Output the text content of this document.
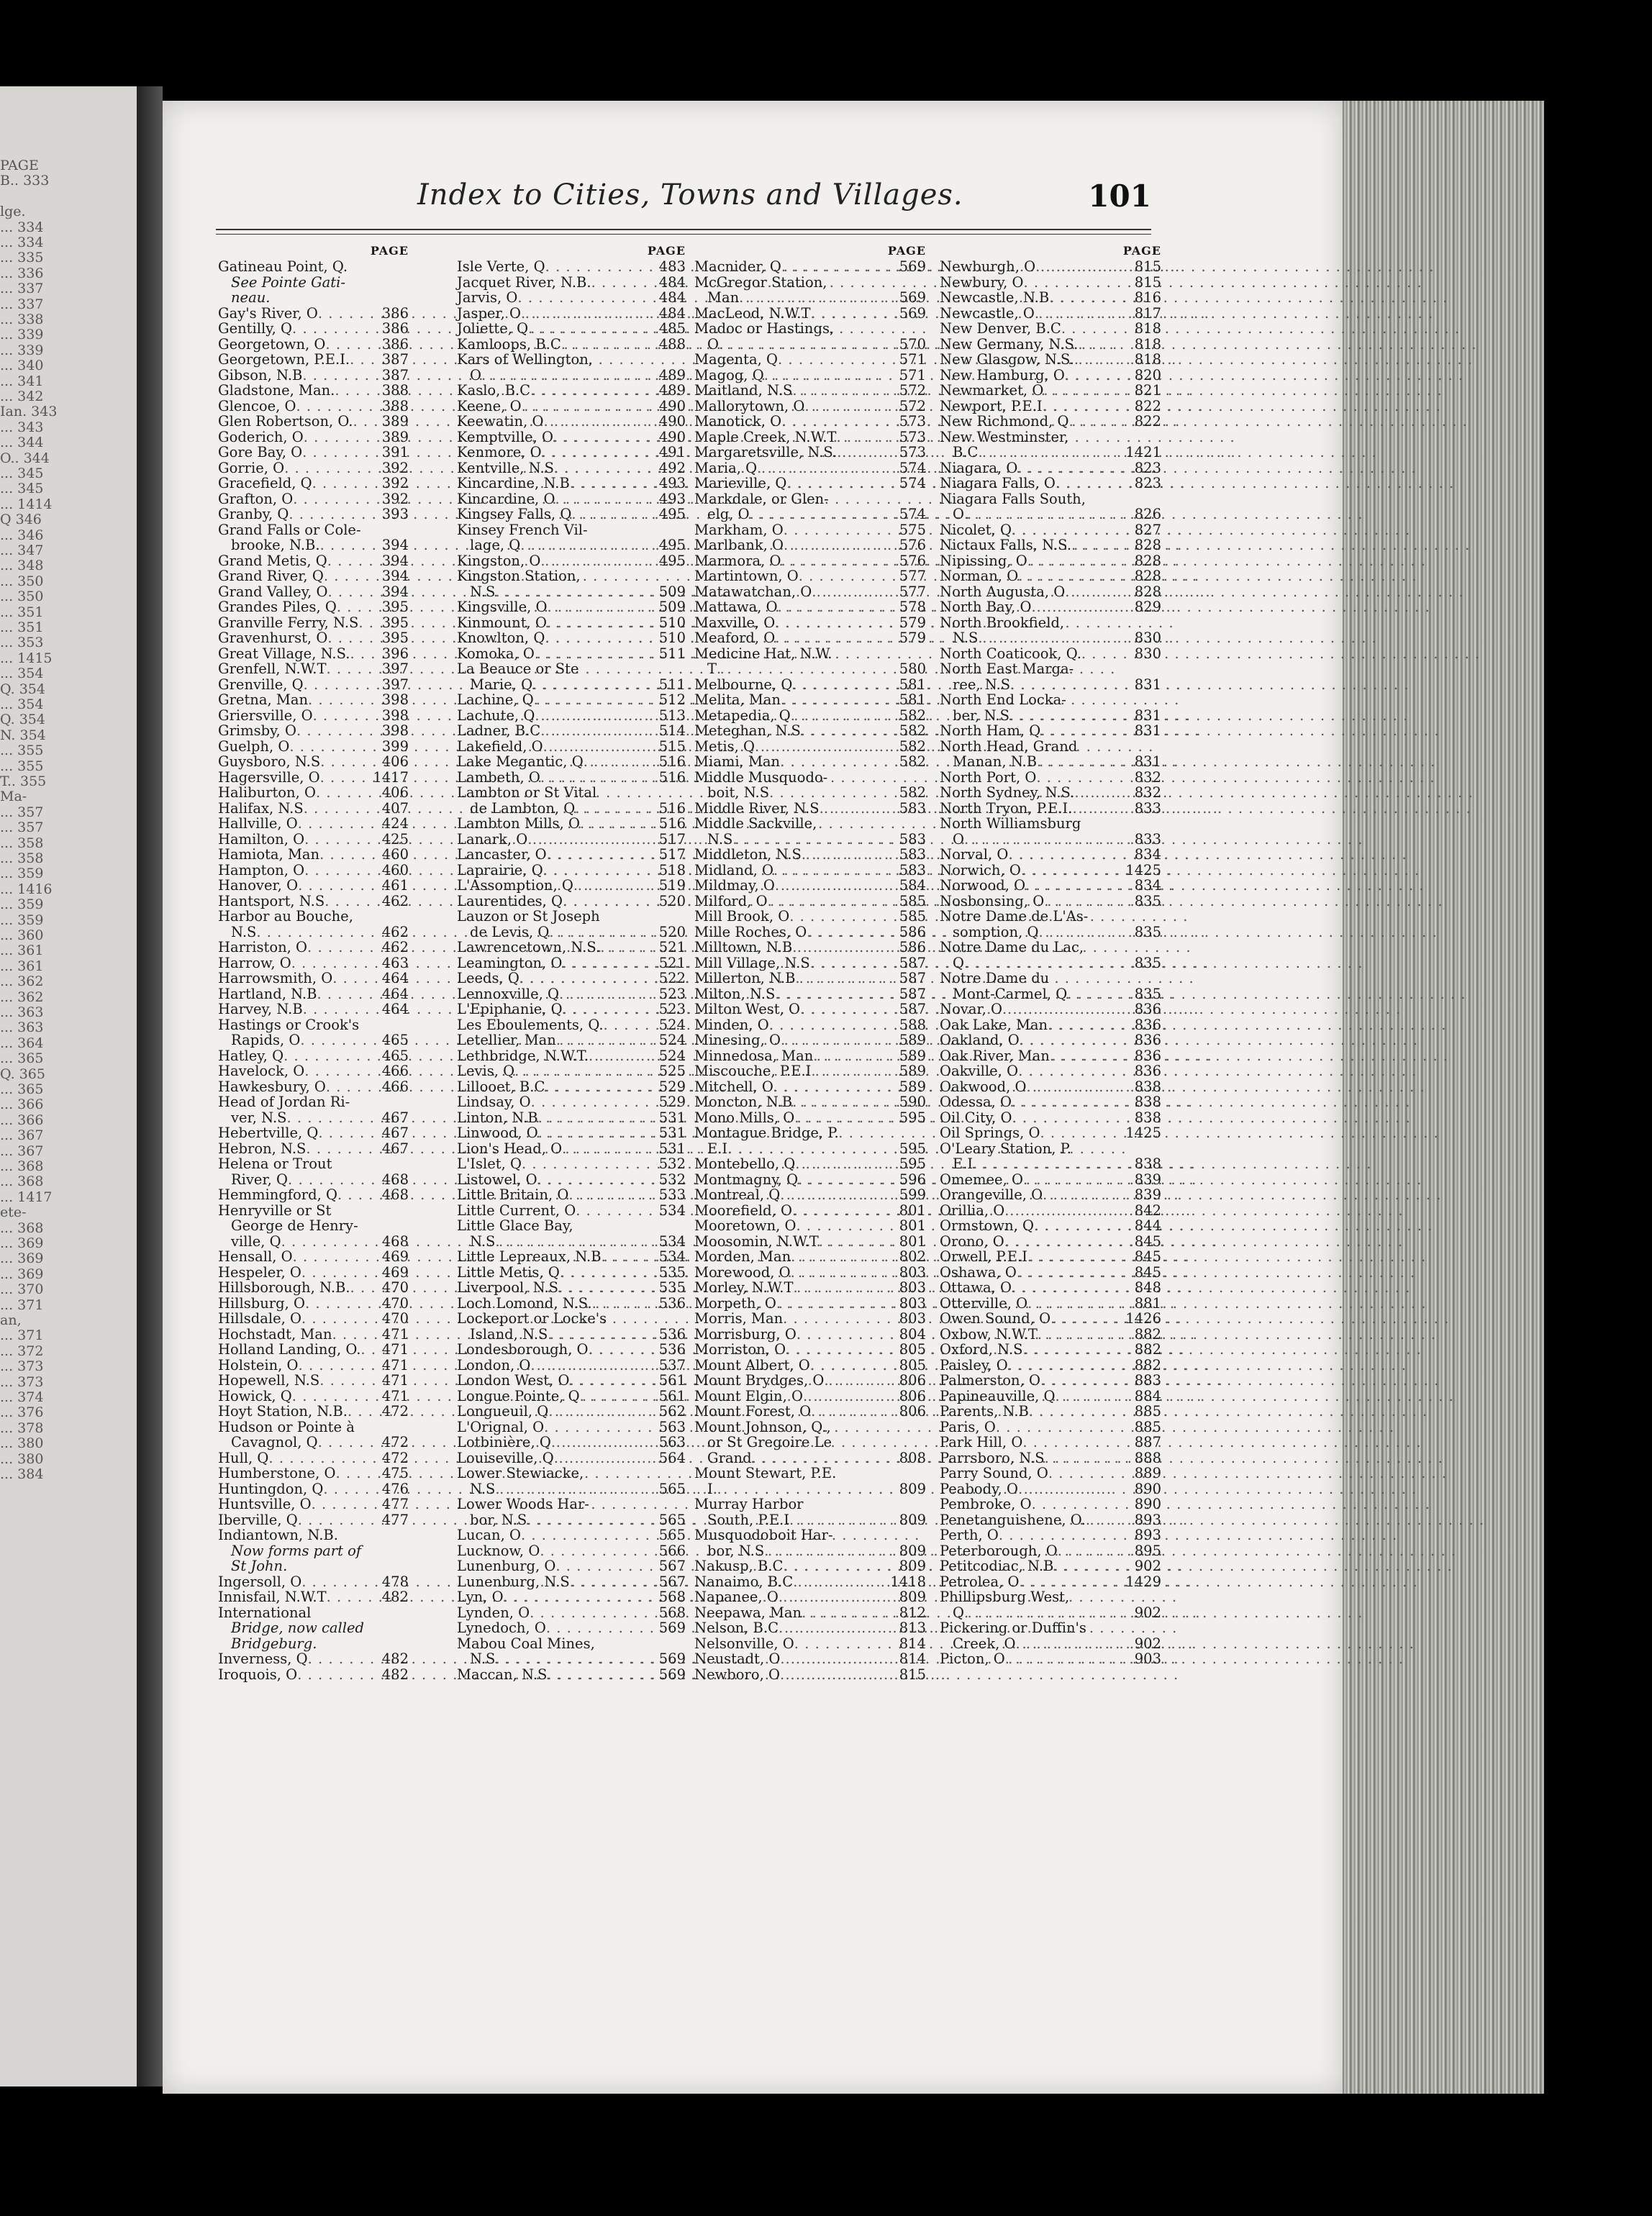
PAGE
B.. 333
lge.
... 334
... 334
... 335
... 336
... 337
... 337
... 338
... 339
... 339
... 340
... 341
... 342
Ian. 343
... 343
... 344
O.. 344
... 345
... 345
... 1414
Q 346
... 346
... 347
... 348
... 350
... 350
... 351
... 351
... 353
... 1415
... 354
Q. 354
... 354
Q. 354
N. 354
... 355
... 355
T.. 355
Ma-
... 357
... 357
... 358
... 358
... 359
... 1416
... 359
... 359
... 360
... 361
... 361
... 362
... 362
... 363
... 363
... 364
... 365
Q. 365
... 365
... 366
... 366
... 367
... 367
... 368
... 368
... 1417
ete-
... 368
... 369
... 369
... 369
... 370
... 371
an,
... 371
... 372
... 373
... 373
... 374
... 376
... 378
... 380
... 380
... 384
Index to Cities, Towns and Villages.	101
PAGE
Gatineau Point, Q.
See Pointe Gati-
neau.
Gay's River, O . . .	386
Gentilly, Q . . .	386
Georgetown, O . . .	386
Georgetown, P.E.I. . . . 387
Gibson, N.B . . .	387
Gladstone, Man. . . .	388
Glencoe, O . . .	388
Glen Robertson, O. . . . 389
Goderich, O . . .	389
Gore Bay, O . . .	391
Gorrie, O . . .	392
Gracefield, Q . . .	392
Grafton, O . . .	392
Granby, Q . . .	393
Grand Falls or Cole-
brooke, N.B. . . .	394
Grand Metis, Q . . .	394
Grand River, Q . . .	394
Grand Valley, O . . .	394
Grandes Piles, Q . . .	395
Granville Ferry, N.S . . . 395
Gravenhurst, O . . .	395
Great Village, N.S. . . . 396
Grenfell, N.W.T . . .	397
Grenville, Q . . .	397
Gretna, Man . . .	398
Griersville, O . . .	398
Grimsby, O . . .	398
Guelph, O . . .	399
Guysboro, N.S . . .	406
Hagersville, O . . .	1417
Haliburton, O . . .	406
Halifax, N.S . . .	407
Hallville, O . . .	424
Hamilton, O . . .	425
Hamiota, Man . . .	460
Hampton, O . . .	460
Hanover, O . . .	461
Hantsport, N.S . . .	462
Harbor au Bouche,
N.S . . .	462
Harriston, O . . .	462
Harrow, O . . .	463
Harrowsmith, O . . .	464
Hartland, N.B . . .	464
Harvey, N.B . . .	464
Hastings or Crook's
Rapids, O . . .	465
Hatley, Q . . .	465
Havelock, O . . .	466
Hawkesbury, O . . .	466
Head of Jordan Ri-
ver, N.S . . .	467
Hebertville, Q . . .	467
Hebron, N.S . . .	467
Helena or Trout
River, Q . . .	468
Hemmingford, Q . . .	468
Henryville or St
George de Henry-
ville, Q . . .	468
Hensall, O . . .	469
Hespeler, O . . .	469
Hillsborough, N.B. . . . 470
Hillsburg, O . . .	470
Hillsdale, O . . .	470
Hochstadt, Man . . .	471
Holland Landing, O. . . . 471
Holstein, O . . .	471
Hopewell, N.S . . .	471
Howick, Q . . .	471
Hoyt Station, N.B. . . . 472
Hudson or Pointe à
Cavagnol, Q . . .	472
Hull, Q . . .	472
Humberstone, O . . .	475
Huntingdon, Q . . .	476
Huntsville, O . . .	477
Iberville, Q . . .	477
Indiantown, N.B.
Now forms part of
St John.
Ingersoll, O . . .	478
Innisfail, N.W.T . . .	482
International
Bridge, now called
Bridgeburg.
Inverness, Q . . .	482
Iroquois, O . . .	482
PAGE
Isle Verte, Q . . .	483
Jacquet River, N.B. . . .	484
Jarvis, O . . .	484
Jasper, O . . .	484
Joliette, Q . . .	485
Kamloops, B.C . . .	488
Kars of Wellington,
O . . .	489
Kaslo, B.C . . .	489
Keene, O . . .	490
Keewatin, O . . .	490
Kemptville, O . . .	490
Kenmore, O . . .	491
Kentville, N.S . . .	492
Kincardine, N.B . . .	493
Kincardine, O . . .	493
Kingsey Falls, Q . . .	495
Kinsey French Vil-
lage, Q . . .	495
Kingston, O . . .	495
Kingston Station,
N.S . . .	509
Kingsville, O . . .	509
Kinmount, O . . .	510
Knowlton, Q . . .	510
Komoka, O . . .	511
La Beauce or Ste
Marie, Q . . .	511
Lachine, Q . . .	512
Lachute, Q . . .	513
Ladner, B.C . . .	514
Lakefield, O . . .	515
Lake Megantic, Q . . .	516
Lambeth, O . . .	516
Lambton or St Vital
de Lambton, Q . . .	516
Lambton Mills, O . . .	516
Lanark, O . . .	517
Lancaster, O . . .	517
Laprairie, Q . . .	518
L'Assomption, Q . . .	519
Laurentides, Q . . .	520
Lauzon or St Joseph
de Levis, Q . . .	520
Lawrencetown, N.S. . . .	521
Leamington, O . . .	521
Leeds, Q . . .	522
Lennoxville, Q . . .	523
L'Epiphanie, Q . . .	523
Les Eboulements, Q. . . .	524
Letellier, Man . . .	524
Lethbridge, N.W.T. . . .	524
Levis, Q . . .	525
Lillooet, B.C . . .	529
Lindsay, O . . .	529
Linton, N.B . . .	531
Linwood, O . . .	531
Lion's Head, O . . .	531
L'Islet, Q . . .	532
Listowel, O . . .	532
Little Britain, O . . .	533
Little Current, O . . .	534
Little Glace Bay,
N.S . . .	534
Little Lepreaux, N.B . . .	534
Little Metis, Q . . .	535
Liverpool, N.S . . .	535
Loch Lomond, N.S. . . .	536
Lockeport or Locke's
Island, N.S . . .	536
Londesborough, O . . .	536
London, O . . .	537
London West, O . . .	561
Longue Pointe, Q . . .	561
Longueuil, Q . . .	562
L'Orignal, O . . .	563
Lotbinière, Q . . .	563
Louiseville, Q . . .	564
Lower Stewiacke,
N.S . . .	565
Lower Woods Har-
bor, N.S . . .	565
Lucan, O . . .	565
Lucknow, O . . .	566
Lunenburg, O . . .	567
Lunenburg, N.S . . .	567
Lyn, O . . .	568
Lynden, O . . .	568
Lynedoch, O . . .	569
Mabou Coal Mines,
N.S . . .	569
Maccan, N.S . . .	569
PAGE
Macnider, Q . . .	569
McGregor Station,
Man . . .	569
MacLeod, N.W.T . . .	569
Madoc or Hastings,
O . . .	570
Magenta, Q . . .	571
Magog, Q . . .	571
Maitland, N.S . . .	572
Mallorytown, O . . .	572
Manotick, O . . .	573
Maple Creek, N.W.T . . .	573
Margaretsville, N.S. . . .	573
Maria, Q . . .	574
Marieville, Q . . .	574
Markdale, or Glen-
elg, O . . .	574
Markham, O . . .	575
Marlbank, O . . .	576
Marmora, O . . .	576
Martintown, O . . .	577
Matawatchan, O . . .	577
Mattawa, O . . .	578
Maxville, O . . .	579
Meaford, O . . .	579
Medicine Hat, N.W.
T . . .	580
Melbourne, Q . . .	581
Melita, Man . . .	581
Metapedia, Q . . .	582
Meteghan, N.S . . .	582
Metis, Q . . .	582
Miami, Man . . .	582
Middle Musquodo-
boit, N.S . . .	582
Middle River, N.S . . .	583
Middle Sackville,
N.S . . .	583
Middleton, N.S . . .	583
Midland, O . . .	583
Mildmay, O . . .	584
Milford, O . . .	585
Mill Brook, O . . .	585
Mille Roches, O . . .	586
Milltown, N.B . . .	586
Mill Village, N.S . . .	587
Millerton, N.B . . .	587
Milton, N.S . . .	587
Milton West, O . . .	587
Minden, O . . .	588
Minesing, O . . .	589
Minnedosa, Man . . .	589
Miscouche, P.E.I . . .	589
Mitchell, O . . .	589
Moncton, N.B . . .	590
Mono Mills, O . . .	595
Montague Bridge, P.
E.I . . .	595
Montebello, Q . . .	595
Montmagny, Q . . .	596
Montreal, Q . . .	599
Moorefield, O . . .	801
Mooretown, O . . .	801
Moosomin, N.W.T . . .	801
Morden, Man . . .	802
Morewood, O . . .	803
Morley, N.W.T . . .	803
Morpeth, O . . .	803
Morris, Man . . .	803
Morrisburg, O . . .	804
Morriston, O . . .	805
Mount Albert, O . . .	805
Mount Brydges, O . . .	806
Mount Elgin, O . . .	806
Mount Forest, O . . .	806
Mount Johnson, Q.,
or St Gregoire Le
Grand . . .	808
Mount Stewart, P.E.
I . . .	809
Murray Harbor
South, P.E.I . . .	809
Musquodoboit Har-
bor, N.S . . .	809
Nakusp, B.C . . .	809
Nanaimo, B.C . . .	1418
Napanee, O . . .	809
Neepawa, Man . . .	812
Nelson, B.C . . .	813
Nelsonville, O . . .	814
Neustadt, O . . .	814
Newboro, O . . .	815
PAGE
Newburgh, O . . .	815
Newbury, O . . .	815
Newcastle, N.B . . .	816
Newcastle, O . . .	817
New Denver, B.C . . .	818
New Germany, N.S. . . .	818
New Glasgow, N.S. . . .	818
New Hamburg, O . . .	820
Newmarket, O . . .	821
Newport, P.E.I . . .	822
New Richmond, Q . . .	822
New Westminster,
B.C . . .	1421
Niagara, O . . .	823
Niagara Falls, O . . .	823
Niagara Falls South,
O . . .	826
Nicolet, Q . . .	827
Nictaux Falls, N.S. . . .	828
Nipissing, O . . .	828
Norman, O . . .	828
North Augusta, O . . .	828
North Bay, O . . .	829
North Brookfield,
N.S . . .	830
North Coaticook, Q. . . .	830
North East Marga-
ree, N.S . . .	831
North End Locka-
ber, N.S . . .	831
North Ham, Q . . .	831
North Head, Grand
Manan, N.B . . .	831
North Port, O . . .	832
North Sydney, N.S. . . .	832
North Tryon, P.E.I. . . .	833
North Williamsburg
O . . .	833
Norval, O . . .	834
Norwich, O . . .	1425
Norwood, O . . .	834
Nosbonsing, O . . .	835
Notre Dame de L'As-
somption, Q . . .	835
Notre Dame du Lac,
Q . . .	835
Notre Dame du
Mont-Carmel, Q . . .	835
Novar, O . . .	836
Oak Lake, Man . . .	836
Oakland, O . . .	836
Oak River, Man . . .	836
Oakville, O . . .	836
Oakwood, O . . .	838
Odessa, O . . .	838
Oil City, O . . .	838
Oil Springs, O . . .	1425
O'Leary Station, P.
E.I . . .	838
Omemee, O . . .	839
Orangeville, O . . .	839
Orillia, O . . .	842
Ormstown, Q . . .	844
Orono, O . . .	845
Orwell, P.E.I . . .	845
Oshawa, O . . .	845
Ottawa, O . . .	848
Otterville, O . . .	881
Owen Sound, O . . .	1426
Oxbow, N.W.T . . .	882
Oxford, N.S . . .	882
Paisley, O . . .	882
Palmerston, O . . .	883
Papineauville, Q . . .	884
Parents, N.B . . .	885
Paris, O . . .	885
Park Hill, O . . .	887
Parrsboro, N.S . . .	888
Parry Sound, O . . .	889
Peabody, O . . .	890
Pembroke, O . . .	890
Penetanguishene, O. . . .	893
Perth, O . . .	893
Peterborough, O . . .	895
Petitcodiac, N.B . . .	902
Petrolea, O . . .	1429
Phillipsburg West,
Q . . .	902
Pickering or Duffin's
Creek, O . . .	902
Picton, O . . .	903
